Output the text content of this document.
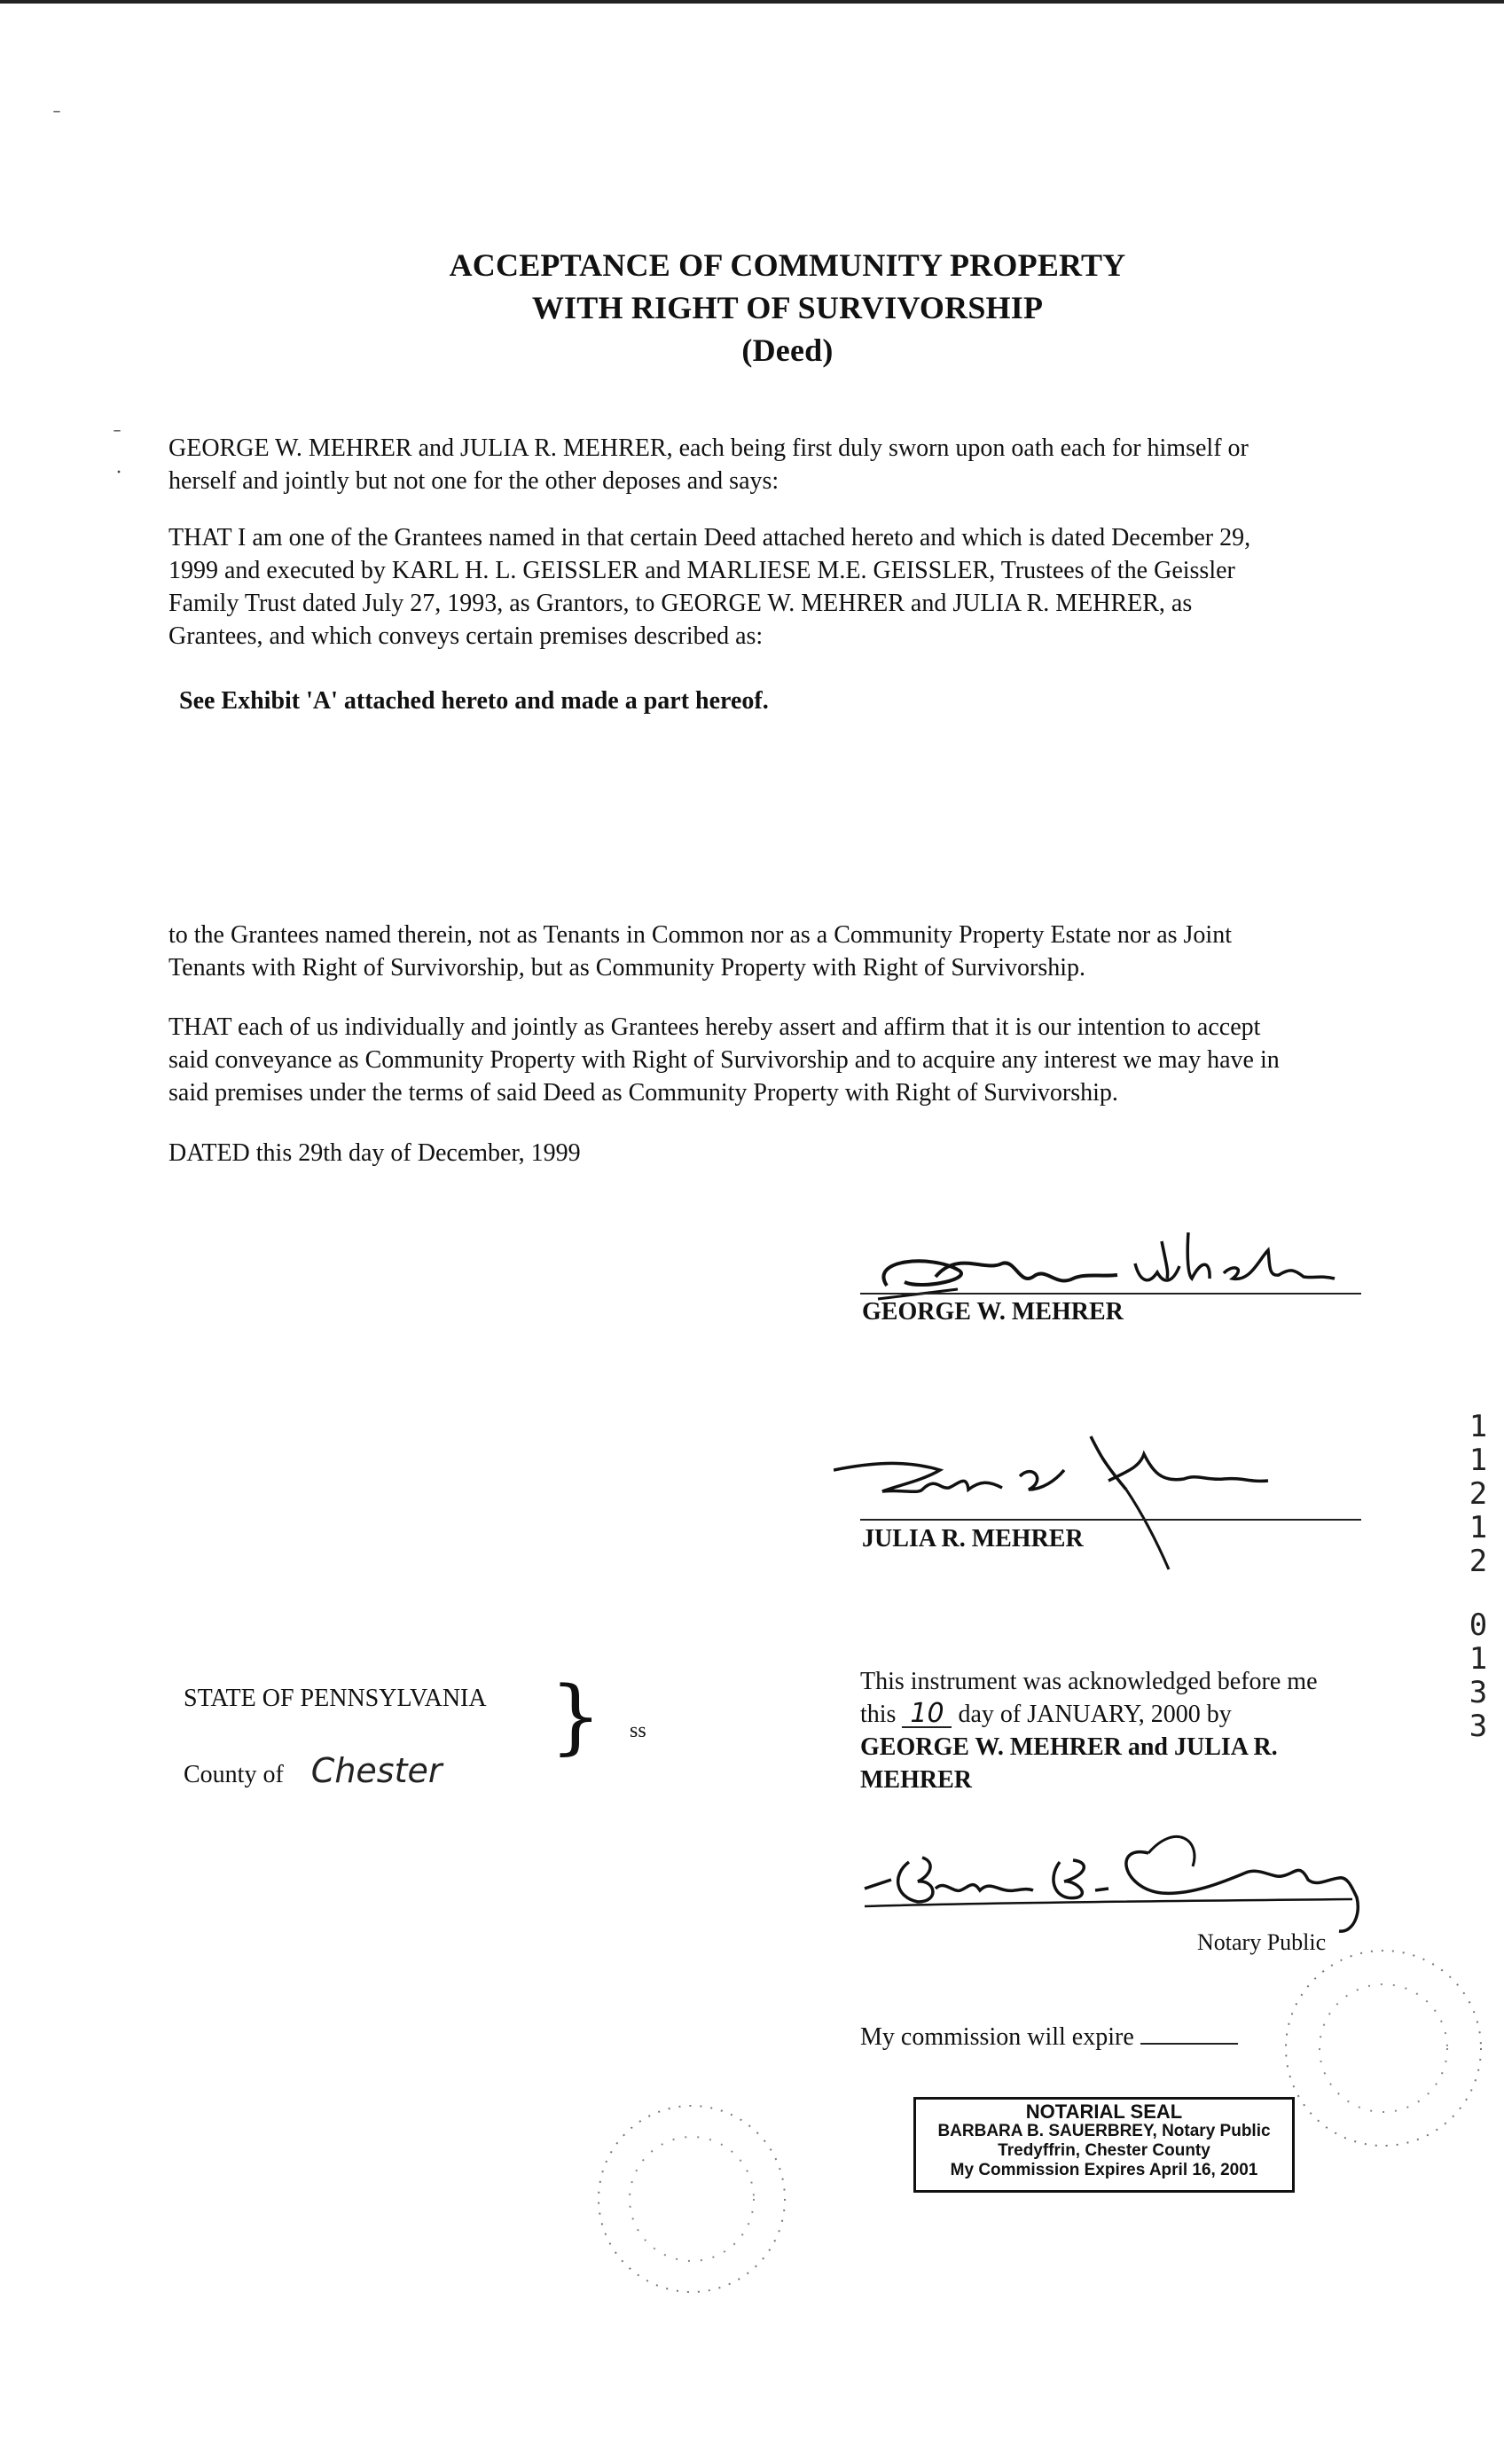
ACCEPTANCE OF COMMUNITY PROPERTY
WITH RIGHT OF SURVIVORSHIP
(Deed)
ˉ
·
ˉ
GEORGE W. MEHRER and JULIA R. MEHRER, each being first duly sworn upon oath each for himself or
herself and jointly but not one for the other deposes and says:
THAT I am one of the Grantees named in that certain Deed attached hereto and which is dated December 29,
1999 and executed by KARL H. L. GEISSLER and MARLIESE M.E. GEISSLER, Trustees of the Geissler
Family Trust dated July 27, 1993, as Grantors, to GEORGE W. MEHRER and JULIA R. MEHRER, as
Grantees, and which conveys certain premises described as:
See Exhibit 'A' attached hereto and made a part hereof.
to the Grantees named therein, not as Tenants in Common nor as a Community Property Estate nor as Joint
Tenants with Right of Survivorship, but as Community Property with Right of Survivorship.
THAT each of us individually and jointly as Grantees hereby assert and affirm that it is our intention to accept
said conveyance as Community Property with Right of Survivorship and to acquire any interest we may have in
said premises under the terms of said Deed as Community Property with Right of Survivorship.
DATED this 29th day of December, 1999
GEORGE W. MEHRER
JULIA R. MEHRER
1
1
2
1
2
0
1
3
3
STATE OF PENNSYLVANIA
County of Chester
} ss
This instrument was acknowledged before me
this 10 day of JANUARY, 2000 by
GEORGE W. MEHRER and JULIA R.
MEHRER
Notary Public
My commission will expire
NOTARIAL SEAL
BARBARA B. SAUERBREY, Notary Public
Tredyffrin, Chester County
My Commission Expires April 16, 2001
